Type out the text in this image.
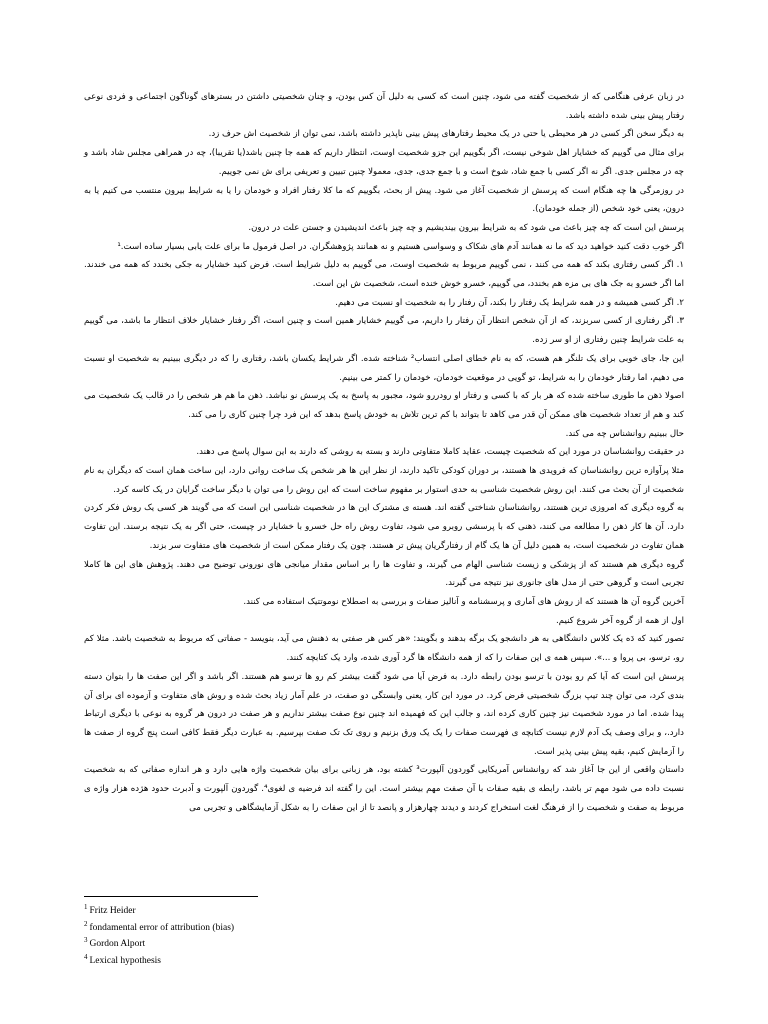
در زبان عرفی هنگامی که از شخصیت گفته می شود، چنین است که کسی به دلیل آن کس بودن، و چنان شخصیتی داشتن در بسترهای گوناگون اجتماعی و فردی نوعی رفتار پیش بینی شده داشته باشد.

به دیگر سخن اگر کسی در هر محیطی یا حتی در یک محیط رفتارهای پیش بینی ناپذیر داشته باشد، نمی توان از شخصیت اش حرف زد.

برای مثال می گوییم که خشایار اهل شوخی نیست، اگر بگوییم این جزو شخصیت اوست، انتظار داریم که همه جا چنین باشد(یا تقریبا)، چه در همراهی مجلس شاد باشد و چه در مجلس جدی. اگر نه اگر کسی با جمع شاد، شوخ است و با جمع جدی، جدی، معمولا چنین تبیین و تعریفی برای ش نمی جوییم.

در روزمرگی ها چه هنگام است که پرسش از شخصیت آغاز می شود. پیش از بحث، بگوییم که ما کلا رفتار افراد و خودمان را یا به شرایط بیرون منتسب می کنیم یا به درون، یعنی خود شخص (از جمله خودمان).

پرسش این است که چه چیز باعث می شود که به شرایط بیرون بیندیشیم و چه چیز باعث اندیشیدن و جستن علت در درون.

اگر خوب دقت کنید خواهید دید که ما نه همانند آدم های شکاک و وسواسی هستیم و نه همانند پژوهشگران. در اصل فرمول ما برای علت یابی بسیار ساده است.¹

۱. اگر کسی رفتاری بکند که همه می کنند ، نمی گوییم مربوط به شخصیت اوست، می گوییم به دلیل شرایط است. فرض کنید خشایار به جکی بخندد که همه می خندند. اما اگر خسرو به جک های بی مزه هم بخندد، می گوییم، خسرو خوش خنده است، شخصیت ش این است.

۲. اگر کسی همیشه و در همه شرایط یک رفتار را بکند، آن رفتار را به شخصیت او نسبت می دهیم.

۳. اگر رفتاری از کسی سربزند، که از آن شخص انتظار آن رفتار را داریم، می گوییم خشایار همین است و چنین است، اگر رفتار خشایار خلاف انتظار ما باشد، می گوییم به علت شرایط چنین رفتاری از او سر زده.

این جا، جای خوبی برای یک تلنگر هم هست، که به نام خطای اصلی انتساب² شناخته شده. اگر شرایط یکسان باشد، رفتاری را که در دیگری ببینیم به شخصیت او نسبت می دهیم، اما رفتار خودمان را به شرایط، تو گویی در موقعیت خودمان، خودمان را کمتر می بینیم.

اصولا ذهن ما طوری ساخته شده که هر بار که با کسی و رفتار او رودررو شود، مجبور به پاسخ به یک پرسش نو نباشد. ذهن ما هم هر شخص را در قالب یک شخصیت می کند و هم از تعداد شخصیت های ممکن آن قدر می کاهد تا بتواند با کم ترین تلاش به خودش پاسخ بدهد که این فرد چرا چنین کاری را می کند.

حال ببینیم روانشناس چه می کند.

در حقیقت روانشناسان در مورد این که شخصیت چیست، عقاید کاملا متفاوتی دارند و بسته به روشی که دارند به این سوال پاسخ می دهند.

مثلا پرآوازه ترین روانشناسان که فرویدی ها هستند، بر دوران کودکی تاکید دارند، از نظر این ها هر شخص یک ساخت روانی دارد، این ساخت همان است که دیگران به نام شخصیت از آن بحث می کنند. این روش شخصیت شناسی به حدی استوار بر مفهوم ساخت است که این روش را می توان با دیگر ساخت گرایان در یک کاسه کرد.

به گروه دیگری که امروزی ترین هستند، روانشناسان شناختی گفته اند. هسته ی مشترک این ها در شخصیت شناسی این است که می گویند هر کسی یک روش فکر کردن دارد. آن ها کار ذهن را مطالعه می کنند، ذهنی که با پرسشی روبرو می شود، تفاوت روش راه حل خسرو با خشایار در چیست، حتی اگر به یک نتیجه برسند. این تفاوت همان تفاوت در شخصیت است، به همین دلیل آن ها یک گام از رفتارگریان پیش تر هستند. چون یک رفتار ممکن است از شخصیت های متفاوت سر بزند.

گروه دیگری هم هستند که از پزشکی و زیست شناسی الهام می گیرند، و تفاوت ها را بر اساس مقدار میانجی های نورونی توضیح می دهند. پژوهش های این ها کاملا تجربی است و گروهی حتی از مدل های جانوری نیز نتیجه می گیرند.

آخرین گروه آن ها هستند که از روش های آماری و پرسشنامه و آنالیز صفات و بررسی به اصطلاح نوموتتیک استفاده می کنند.

اول از همه از گروه آخر شروع کنیم.

تصور کنید که دَه یک کلاس دانشگاهی به هر دانشجو یک برگه بدهند و بگویند: «هر کس هر صفتی به ذهنش می آید، بنویسد - صفاتی که مربوط به شخصیت باشد. مثلا کم رو، ترسو، بی پروا و ...». سپس همه ی این صفات را که از همه دانشگاه ها گرد آوری شده، وارد یک کتابچه کنند.

پرسش این است که آیا کم رو بودن با ترسو بودن رابطه دارد. به فرض آیا می شود گفت بیشتر کم رو ها ترسو هم هستند. اگر باشد و اگر این صفت ها را بتوان دسته بندی کرد، می توان چند تیپ بزرگ شخصیتی فرض کرد. در مورد این کار، یعنی وابستگی دو صفت، در علم آمار زیاد بحث شده و روش های متفاوت و آزموده ای برای آن پیدا شده. اما در مورد شخصیت نیز چنین کاری کرده اند، و جالب این که فهمیده اند چنین نوع صفت بیشتر نداریم و هر صفت در درون هر گروه به نوعی با دیگری ارتباط دارد.، و برای وصف یک آدم لازم نیست کتابچه ی فهرست صفات را یک یک ورق بزنیم و روی تک تک صفت بپرسیم. به عبارت دیگر فقط کافی است پنج گروه از صفت ها را آزمایش کنیم، بقیه پیش بینی پذیر است.

داستان واقعی از این جا آغاز شد که روانشناس آمریکایی گوردون آلپورت³ کشته بود، هر زبانی برای بیان شخصیت واژه هایی دارد و هر اندازه صفاتی که به شخصیت نسبت داده می شود مهم تر باشد، رابطه ی بقیه صفات با آن صفت مهم بیشتر است. این را گفته اند فرضیه ی لغوی⁴. گوردون آلپورت و آدبرت حدود هژده هزار واژه ی مربوط به صفت و شخصیت را از فرهنگ لغت استخراج کردند و دیدند چهارهزار و پانصد تا از این صفات را به شکل آزمایشگاهی و تجربی می

$^1$ Fritz Heider
$^2$ fondamental error of attribution (bias)
$^3$ Gordon Alport
$^4$ Lexical hypothesis
